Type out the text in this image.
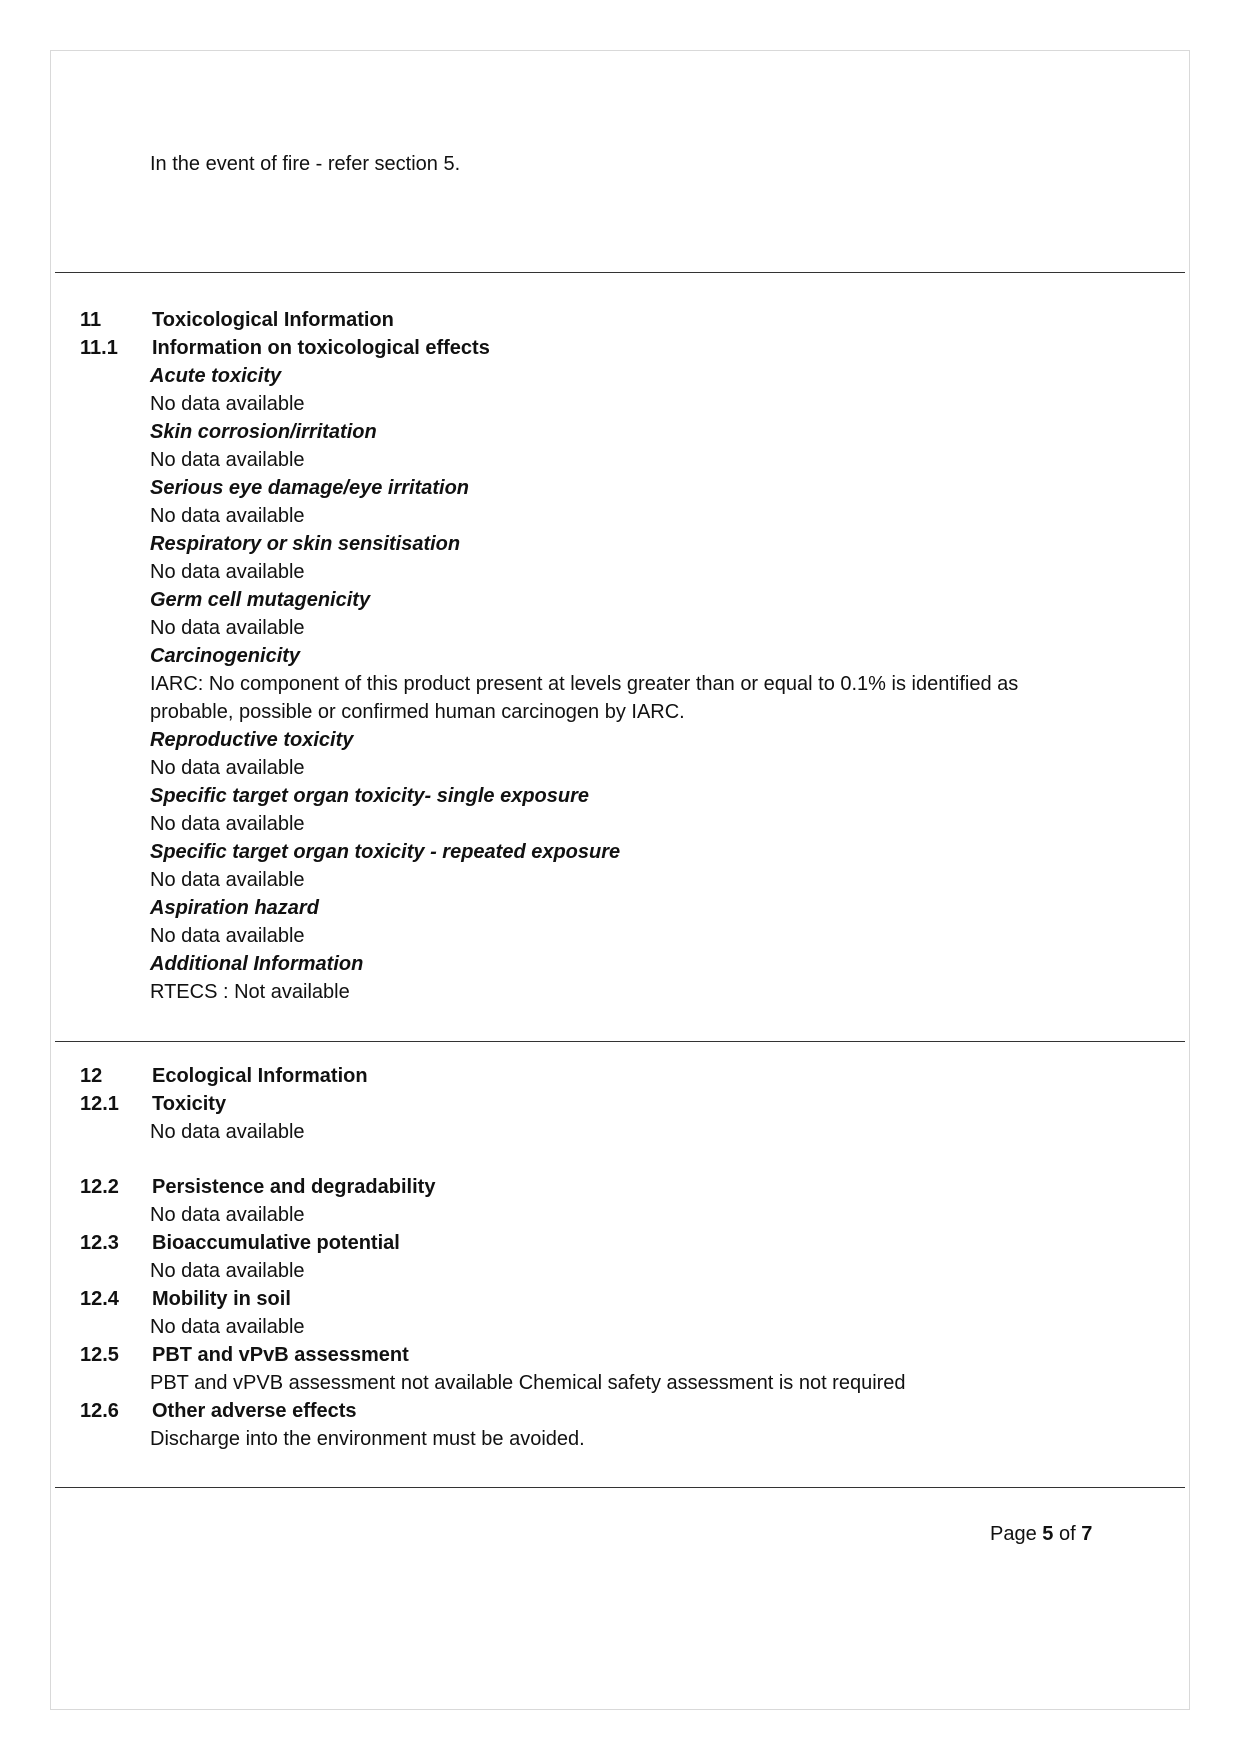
In the event of fire - refer section 5.
11	Toxicological Information
11.1 Information on toxicological effects
Acute toxicity
No data available
Skin corrosion/irritation
No data available
Serious eye damage/eye irritation
No data available
Respiratory or skin sensitisation
No data available
Germ cell mutagenicity
No data available
Carcinogenicity
IARC: No component of this product present at levels greater than or equal to 0.1% is identified as
probable, possible or confirmed human carcinogen by IARC.
Reproductive toxicity
No data available
Specific target organ toxicity- single exposure
No data available
Specific target organ toxicity - repeated exposure
No data available
Aspiration hazard
No data available
Additional Information
RTECS : Not available
12 Ecological Information
12.1 Toxicity
No data available
12.2 Persistence and degradability
No data available
12.3 Bioaccumulative potential
No data available
12.4 Mobility in soil
No data available
12.5 PBT and vPvB assessment
PBT and vPVB assessment not available Chemical safety assessment is not required
12.6 Other adverse effects
Discharge into the environment must be avoided.
Page 5 of 7
